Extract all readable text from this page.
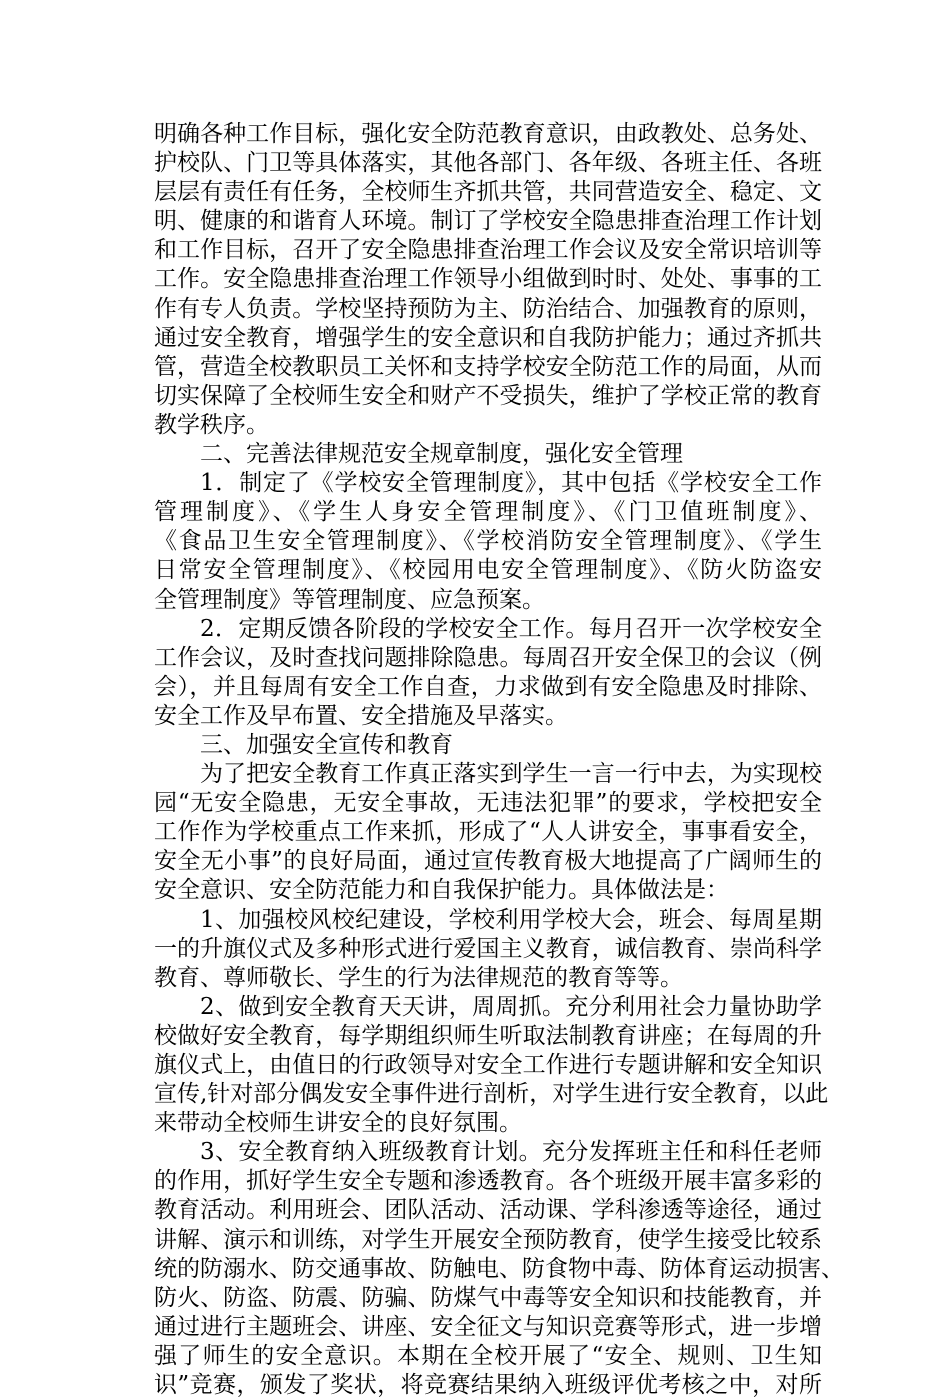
明确各种工作目标，强化安全防范教育意识，由政教处、总务处、

护校队、门卫等具体落实，其他各部门、各年级、各班主任、各班

层层有责任有任务，全校师生齐抓共管，共同营造安全、稳定、文

明、健康的和谐育人环境。制订了学校安全隐患排查治理工作计划

和工作目标，召开了安全隐患排查治理工作会议及安全常识培训等

工作。安全隐患排查治理工作领导小组做到时时、处处、事事的工

作有专人负责。学校坚持预防为主、防治结合、加强教育的原则，

通过安全教育，增强学生的安全意识和自我防护能力；通过齐抓共

管，营造全校教职员工关怀和支持学校安全防范工作的局面，从而

切实保障了全校师生安全和财产不受损失，维护了学校正常的教育

教学秩序。

二、完善法律规范安全规章制度，强化安全管理

1．制定了《学校安全管理制度》，其中包括《学校安全工作

管理制度》、《学生人身安全管理制度》、《门卫值班制度》、

《食品卫生安全管理制度》、《学校消防安全管理制度》、《学生

日常安全管理制度》、《校园用电安全管理制度》、《防火防盗安

全管理制度》等管理制度、应急预案。

2．定期反馈各阶段的学校安全工作。每月召开一次学校安全

工作会议，及时查找问题排除隐患。每周召开安全保卫的会议（例

会），并且每周有安全工作自查，力求做到有安全隐患及时排除、

安全工作及早布置、安全措施及早落实。

三、加强安全宣传和教育

为了把安全教育工作真正落实到学生一言一行中去，为实现校

园“无安全隐患，无安全事故，无违法犯罪”的要求，学校把安全

工作作为学校重点工作来抓，形成了“人人讲安全，事事看安全，

安全无小事”的良好局面，通过宣传教育极大地提高了广阔师生的

安全意识、安全防范能力和自我保护能力。具体做法是：

1、加强校风校纪建设，学校利用学校大会，班会、每周星期

一的升旗仪式及多种形式进行爱国主义教育，诚信教育、崇尚科学

教育、尊师敬长、学生的行为法律规范的教育等等。

2、做到安全教育天天讲，周周抓。充分利用社会力量协助学

校做好安全教育，每学期组织师生听取法制教育讲座；在每周的升

旗仪式上，由值日的行政领导对安全工作进行专题讲解和安全知识

宣传,针对部分偶发安全事件进行剖析，对学生进行安全教育，以此

来带动全校师生讲安全的良好氛围。

3、安全教育纳入班级教育计划。充分发挥班主任和科任老师

的作用，抓好学生安全专题和渗透教育。各个班级开展丰富多彩的

教育活动。利用班会、团队活动、活动课、学科渗透等途径，通过

讲解、演示和训练，对学生开展安全预防教育，使学生接受比较系

统的防溺水、防交通事故、防触电、防食物中毒、防体育运动损害、

防火、防盗、防震、防骗、防煤气中毒等安全知识和技能教育，并

通过进行主题班会、讲座、安全征文与知识竞赛等形式，进一步增

强了师生的安全意识。本期在全校开展了“安全、规则、卫生知

识”竞赛，颁发了奖状，将竞赛结果纳入班级评优考核之中，对所
